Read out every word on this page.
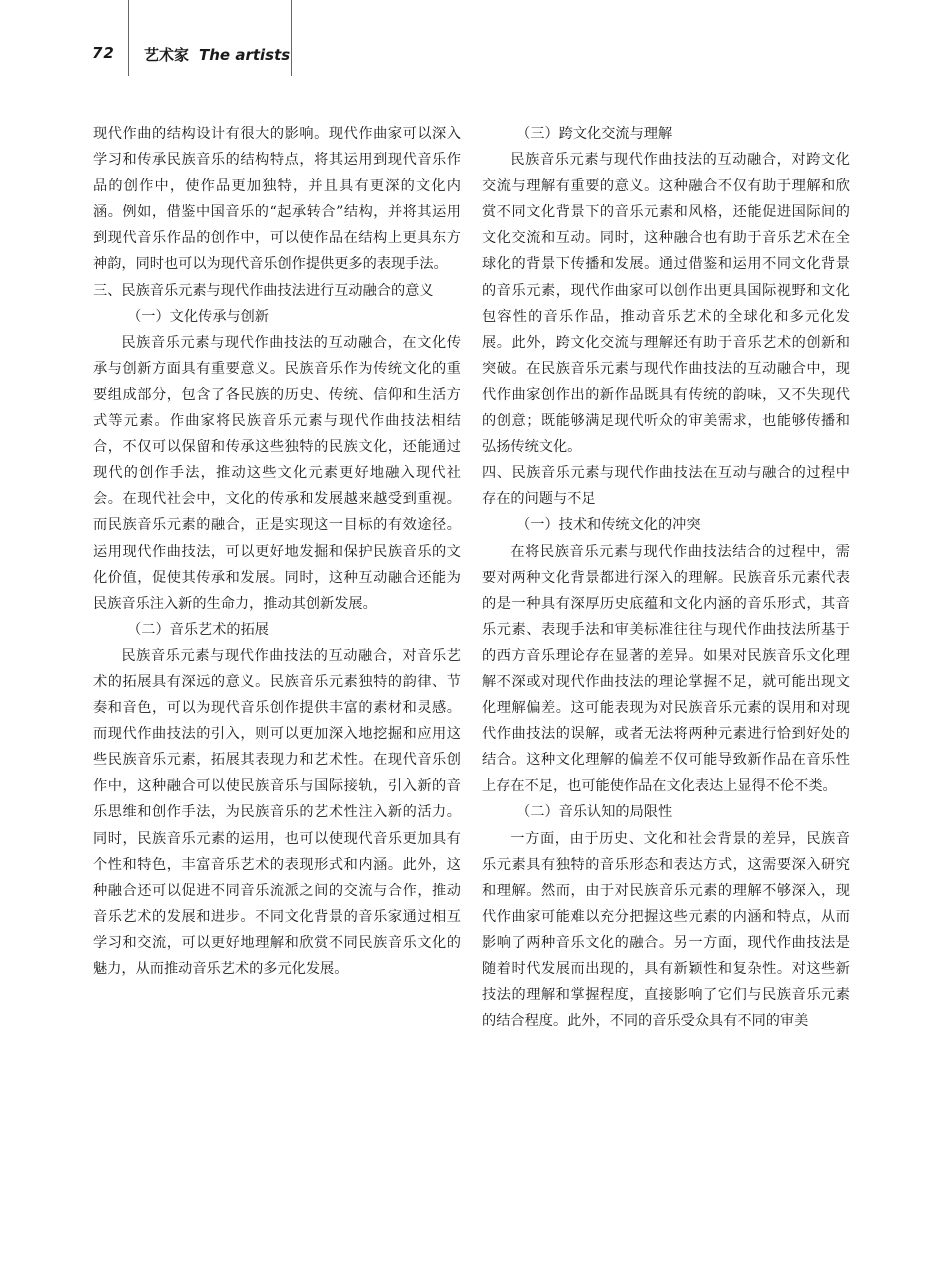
72 艺术家 The artists

现代作曲的结构设计有很大的影响。现代作曲家可以深入学习和传承民族音乐的结构特点，将其运用到现代音乐作品的创作中，使作品更加独特，并且具有更深的文化内涵。例如，借鉴中国音乐的“起承转合”结构，并将其运用到现代音乐作品的创作中，可以使作品在结构上更具东方神韵，同时也可以为现代音乐创作提供更多的表现手法。

三、民族音乐元素与现代作曲技法进行互动融合的意义

（一）文化传承与创新

民族音乐元素与现代作曲技法的互动融合，在文化传承与创新方面具有重要意义。民族音乐作为传统文化的重要组成部分，包含了各民族的历史、传统、信仰和生活方式等元素。作曲家将民族音乐元素与现代作曲技法相结合，不仅可以保留和传承这些独特的民族文化，还能通过现代的创作手法，推动这些文化元素更好地融入现代社会。在现代社会中，文化的传承和发展越来越受到重视。而民族音乐元素的融合，正是实现这一目标的有效途径。运用现代作曲技法，可以更好地发掘和保护民族音乐的文化价值，促使其传承和发展。同时，这种互动融合还能为民族音乐注入新的生命力，推动其创新发展。

（二）音乐艺术的拓展

民族音乐元素与现代作曲技法的互动融合，对音乐艺术的拓展具有深远的意义。民族音乐元素独特的韵律、节奏和音色，可以为现代音乐创作提供丰富的素材和灵感。而现代作曲技法的引入，则可以更加深入地挖掘和应用这些民族音乐元素，拓展其表现力和艺术性。在现代音乐创作中，这种融合可以使民族音乐与国际接轨，引入新的音乐思维和创作手法，为民族音乐的艺术性注入新的活力。同时，民族音乐元素的运用，也可以使现代音乐更加具有个性和特色，丰富音乐艺术的表现形式和内涵。此外，这种融合还可以促进不同音乐流派之间的交流与合作，推动音乐艺术的发展和进步。不同文化背景的音乐家通过相互学习和交流，可以更好地理解和欣赏不同民族音乐文化的魅力，从而推动音乐艺术的多元化发展。

（三）跨文化交流与理解

民族音乐元素与现代作曲技法的互动融合，对跨文化交流与理解有重要的意义。这种融合不仅有助于理解和欣赏不同文化背景下的音乐元素和风格，还能促进国际间的文化交流和互动。同时，这种融合也有助于音乐艺术在全球化的背景下传播和发展。通过借鉴和运用不同文化背景的音乐元素，现代作曲家可以创作出更具国际视野和文化包容性的音乐作品，推动音乐艺术的全球化和多元化发展。此外，跨文化交流与理解还有助于音乐艺术的创新和突破。在民族音乐元素与现代作曲技法的互动融合中，现代作曲家创作出的新作品既具有传统的韵味，又不失现代的创意；既能够满足现代听众的审美需求，也能够传播和弘扬传统文化。

四、民族音乐元素与现代作曲技法在互动与融合的过程中存在的问题与不足

（一）技术和传统文化的冲突

在将民族音乐元素与现代作曲技法结合的过程中，需要对两种文化背景都进行深入的理解。民族音乐元素代表的是一种具有深厚历史底蕴和文化内涵的音乐形式，其音乐元素、表现手法和审美标准往往与现代作曲技法所基于的西方音乐理论存在显著的差异。如果对民族音乐文化理解不深或对现代作曲技法的理论掌握不足，就可能出现文化理解偏差。这可能表现为对民族音乐元素的误用和对现代作曲技法的误解，或者无法将两种元素进行恰到好处的结合。这种文化理解的偏差不仅可能导致新作品在音乐性上存在不足，也可能使作品在文化表达上显得不伦不类。

（二）音乐认知的局限性

一方面，由于历史、文化和社会背景的差异，民族音乐元素具有独特的音乐形态和表达方式，这需要深入研究和理解。然而，由于对民族音乐元素的理解不够深入，现代作曲家可能难以充分把握这些元素的内涵和特点，从而影响了两种音乐文化的融合。另一方面，现代作曲技法是随着时代发展而出现的，具有新颖性和复杂性。对这些新技法的理解和掌握程度，直接影响了它们与民族音乐元素的结合程度。此外，不同的音乐受众具有不同的审美
